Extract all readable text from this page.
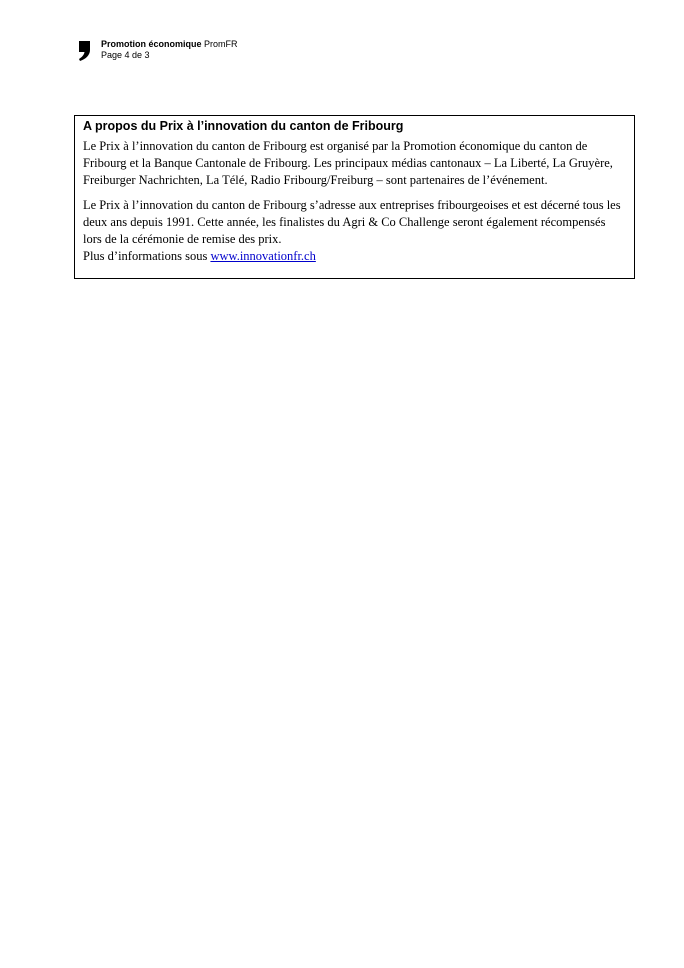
Promotion économique PromFR
Page 4 de 3
A propos du Prix à l’innovation du canton de Fribourg

Le Prix à l’innovation du canton de Fribourg est organisé par la Promotion économique du canton de Fribourg et la Banque Cantonale de Fribourg. Les principaux médias cantonaux – La Liberté, La Gruyère, Freiburger Nachrichten, La Télé, Radio Fribourg/Freiburg – sont partenaires de l’événement.

Le Prix à l’innovation du canton de Fribourg s’adresse aux entreprises fribourgeoises et est décerné tous les deux ans depuis 1991. Cette année, les finalistes du Agri & Co Challenge seront également récompensés lors de la cérémonie de remise des prix.

Plus d’informations sous www.innovationfr.ch
